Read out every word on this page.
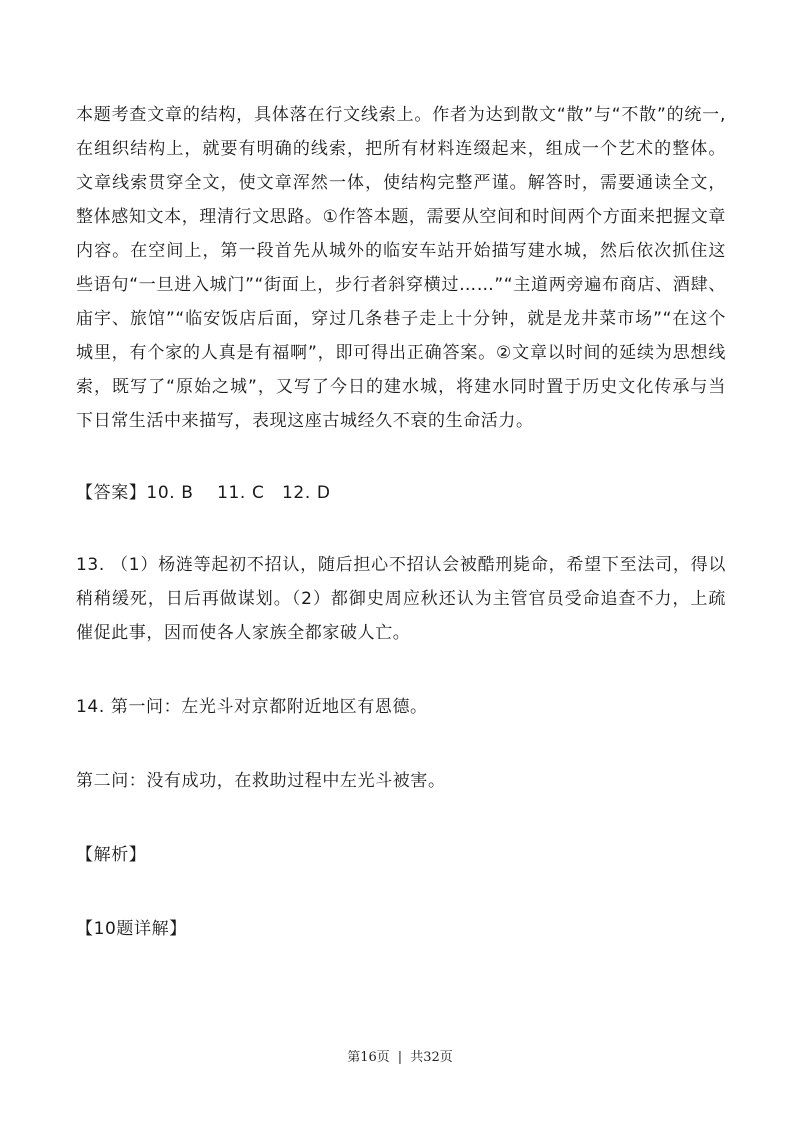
本题考查文章的结构，具体落在行文线索上。作者为达到散文“散”与“不散”的统一,在组织结构上，就要有明确的线索，把所有材料连缀起来，组成一个艺术的整体。文章线索贯穿全文，使文章浑然一体，使结构完整严谨。解答时，需要通读全文，整体感知文本，理清行文思路。①作答本题，需要从空间和时间两个方面来把握文章内容。在空间上，第一段首先从城外的临安车站开始描写建水城，然后依次抓住这些语句“一旦进入城门”“街面上，步行者斜穿横过……”“主道两旁遍布商店、酒肆、庙宇、旅馆”“临安饭店后面，穿过几条巷子走上十分钟，就是龙井菜市场”“在这个城里，有个家的人真是有福啊”，即可得出正确答案。②文章以时间的延续为思想线索，既写了“原始之城”，又写了今日的建水城，将建水同时置于历史文化传承与当下日常生活中来描写，表现这座古城经久不衰的生命活力。

【答案】10. B　 11. C　12. D

13. （1）杨涟等起初不招认，随后担心不招认会被酷刑毙命，希望下至法司，得以稍稍缓死，日后再做谋划。（2）都御史周应秋还认为主管官员受命追查不力，上疏催促此事，因而使各人家族全都家破人亡。

14. 第一问：左光斗对京都附近地区有恩德。

第二问：没有成功，在救助过程中左光斗被害。

【解析】

【10题详解】

第16页 | 共32页
